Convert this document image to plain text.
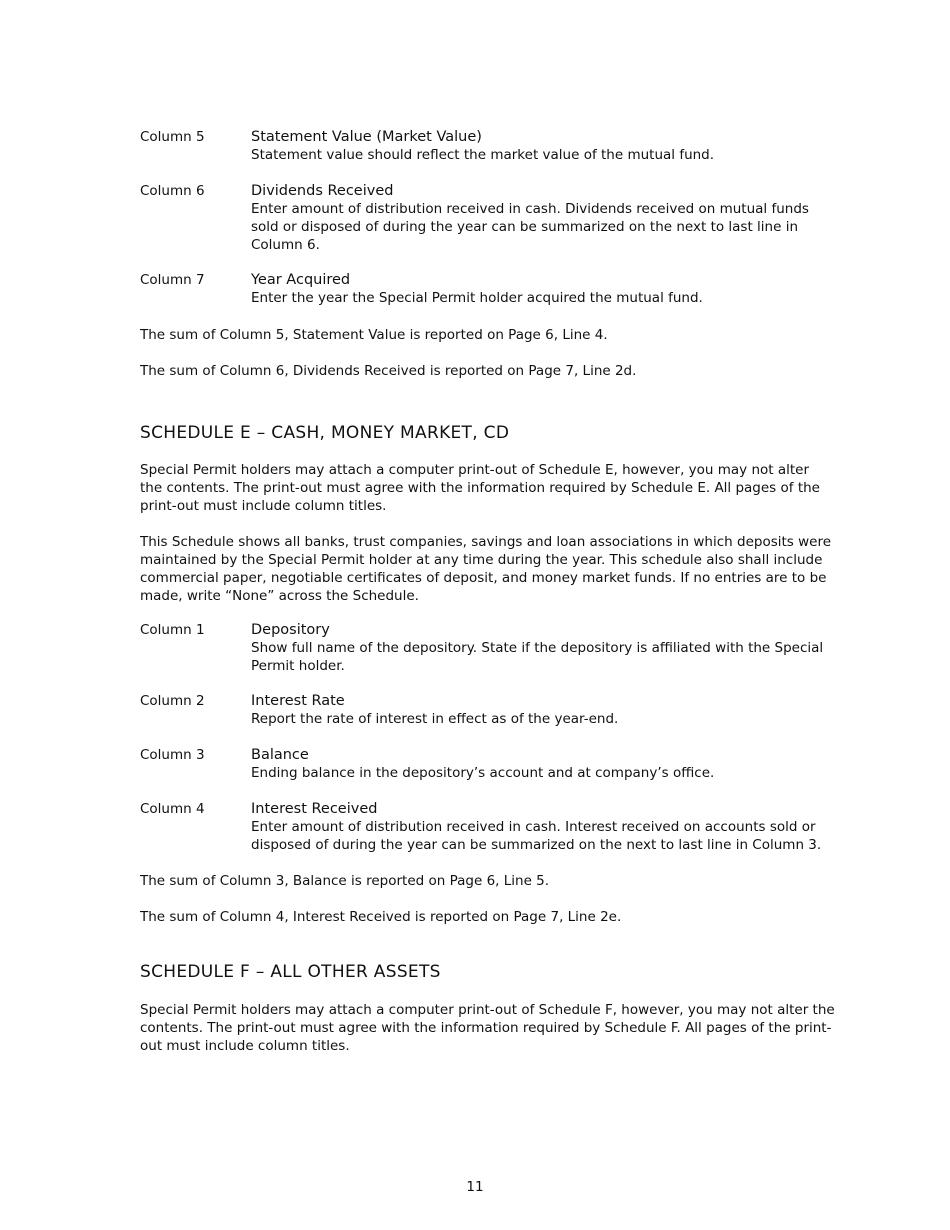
Column 5	Statement Value (Market Value)

Statement value should reflect the market value of the mutual fund.

Column 6	Dividends Received

Enter amount of distribution received in cash. Dividends received on mutual funds sold or disposed of during the year can be summarized on the next to last line in Column 6.

Column 7	Year Acquired

Enter the year the Special Permit holder acquired the mutual fund.

The sum of Column 5, Statement Value is reported on Page 6, Line 4.

The sum of Column 6, Dividends Received is reported on Page 7, Line 2d.

SCHEDULE E – CASH, MONEY MARKET, CD

Special Permit holders may attach a computer print-out of Schedule E, however, you may not alter the contents. The print-out must agree with the information required by Schedule E. All pages of the print-out must include column titles.

This Schedule shows all banks, trust companies, savings and loan associations in which deposits were maintained by the Special Permit holder at any time during the year. This schedule also shall include commercial paper, negotiable certificates of deposit, and money market funds. If no entries are to be made, write “None” across the Schedule.

Column 1	Depository

Show full name of the depository. State if the depository is affiliated with the Special Permit holder.

Column 2	Interest Rate

Report the rate of interest in effect as of the year-end.

Column 3	Balance

Ending balance in the depository’s account and at company’s office.

Column 4	Interest Received

Enter amount of distribution received in cash. Interest received on accounts sold or disposed of during the year can be summarized on the next to last line in Column 3.

The sum of Column 3, Balance is reported on Page 6, Line 5.

The sum of Column 4, Interest Received is reported on Page 7, Line 2e.

SCHEDULE F – ALL OTHER ASSETS

Special Permit holders may attach a computer print-out of Schedule F, however, you may not alter the contents. The print-out must agree with the information required by Schedule F. All pages of the print-out must include column titles.

11
